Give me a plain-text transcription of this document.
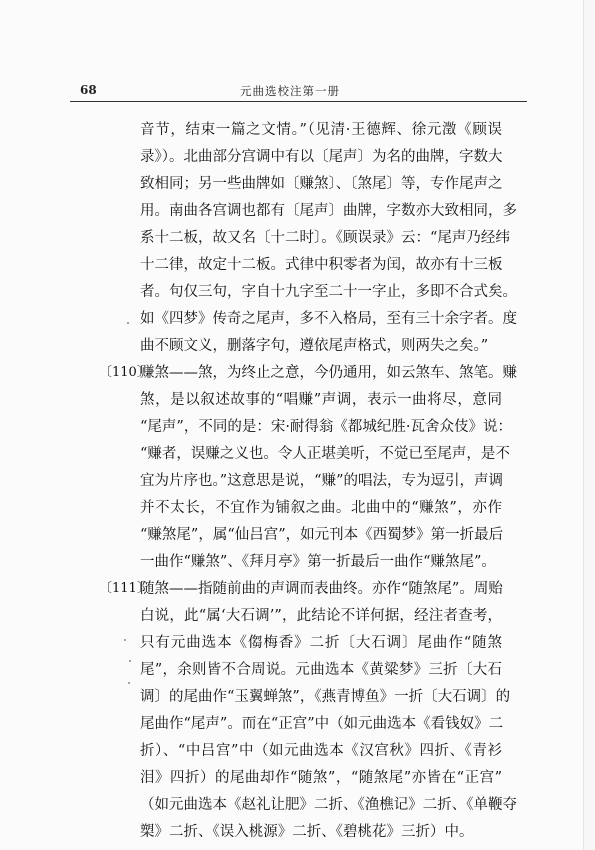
68	元曲选校注第一册
音节，结束一篇之文情。”（见清·王德辉、徐元澂《顾误
录》）。北曲部分宫调中有以〔尾声〕为名的曲牌，字数大
致相同；另一些曲牌如〔赚煞〕、〔煞尾〕等，专作尾声之
用。南曲各宫调也都有〔尾声〕曲牌，字数亦大致相同，多
系十二板，故又名〔十二时〕。《顾误录》云：“尾声乃经纬
十二律，故定十二板。式律中积零者为闰，故亦有十三板
者。句仅三句，字自十九字至二十一字止，多即不合式矣。
如《四梦》传奇之尾声，多不入格局，至有三十余字者。度
曲不顾文义，删落字句，遵依尾声格式，则两失之矣。”
〔110〕
赚煞——煞，为终止之意，今仍通用，如云煞车、煞笔。赚
煞，是以叙述故事的“唱赚”声调，表示一曲将尽，意同
“尾声”，不同的是：宋·耐得翁《都城纪胜·瓦舍众伎》说：
“赚者，误赚之义也。令人正堪美听，不觉已至尾声，是不
宜为片序也。”这意思是说，“赚”的唱法，专为逗引，声调
并不太长，不宜作为铺叙之曲。北曲中的“赚煞”，亦作
“赚煞尾”，属“仙吕宫”，如元刊本《西蜀梦》第一折最后
一曲作“赚煞”、《拜月亭》第一折最后一曲作“赚煞尾”。
〔111〕
随煞——指随前曲的声调而表曲终。亦作“随煞尾”。周贻
白说，此“属‘大石调’”，此结论不详何据，经注者查考，
只有元曲选本《㑳梅香》二折〔大石调〕尾曲作“随煞
尾”，余则皆不合周说。元曲选本《黄粱梦》三折〔大石
调〕的尾曲作“玉翼蝉煞”，《燕青博鱼》一折〔大石调〕的
尾曲作“尾声”。而在“正宫”中（如元曲选本《看钱奴》二
折）、“中吕宫”中（如元曲选本《汉宫秋》四折、《青衫
泪》四折）的尾曲却作“随煞”，“随煞尾”亦皆在“正宫”
（如元曲选本《赵礼让肥》二折、《渔樵记》二折、《单鞭夺
槊》二折、《误入桃源》二折、《碧桃花》三折）中。
